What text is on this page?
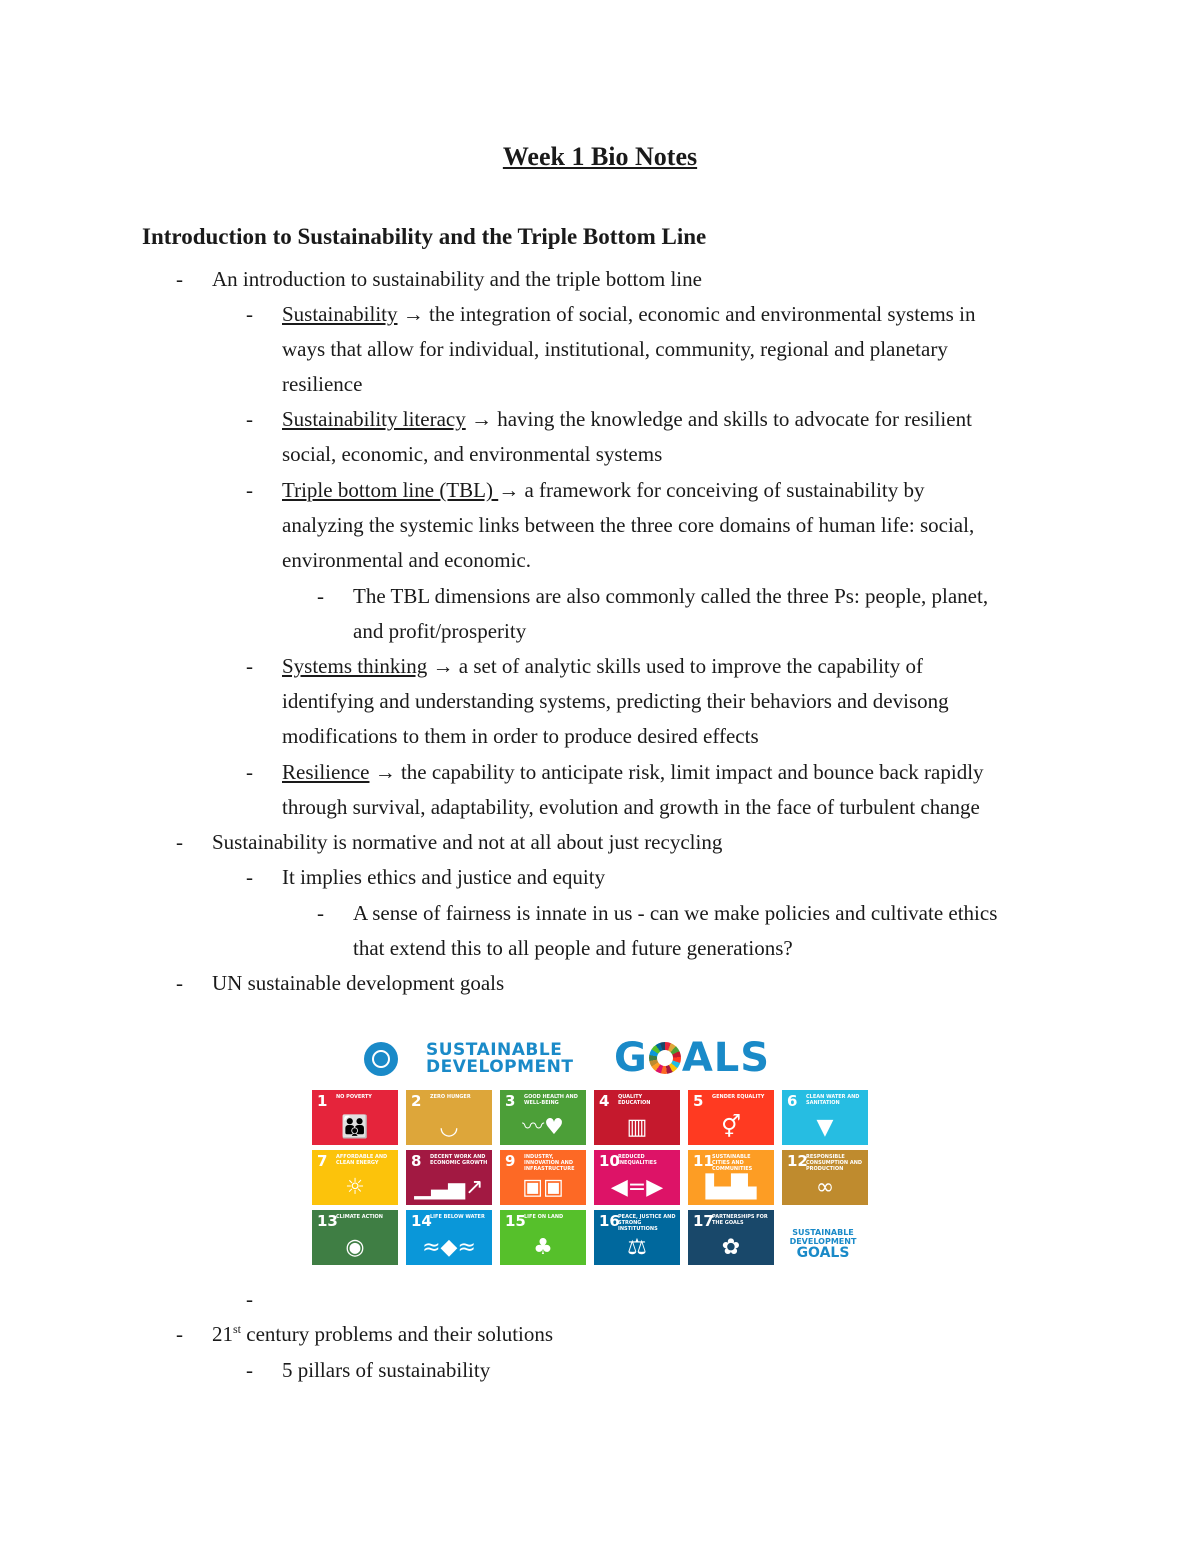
Week 1 Bio Notes
Introduction to Sustainability and the Triple Bottom Line
- An introduction to sustainability and the triple bottom line
- Sustainability → the integration of social, economic and environmental systems in
ways that allow for individual, institutional, community, regional and planetary
resilience
- Sustainability literacy → having the knowledge and skills to advocate for resilient
social, economic, and environmental systems
- Triple bottom line (TBL) → a framework for conceiving of sustainability by
analyzing the systemic links between the three core domains of human life: social,
environmental and economic.
- The TBL dimensions are also commonly called the three Ps: people, planet,
and profit/prosperity
- Systems thinking → a set of analytic skills used to improve the capability of
identifying and understanding systems, predicting their behaviors and devisong
modifications to them in order to produce desired effects
- Resilience → the capability to anticipate risk, limit impact and bounce back rapidly
through survival, adaptability, evolution and growth in the face of turbulent change
- Sustainability is normative and not at all about just recycling
- It implies ethics and justice and equity
- A sense of fairness is innate in us - can we make policies and cultivate ethics
that extend this to all people and future generations?
- UN sustainable development goals
SUSTAINABLE
DEVELOPMENT	G ALS
1 NO POVERTY
👪
2 ZERO HUNGER
◡
3 GOOD HEALTH AND WELL-BEING
〰♥
4 QUALITY EDUCATION
▥
5 GENDER EQUALITY
⚥
6 CLEAN WATER AND SANITATION
▼
7 AFFORDABLE AND CLEAN ENERGY
☼
8 DECENT WORK AND ECONOMIC GROWTH
▁▃▅↗
9 INDUSTRY, INNOVATION AND INFRASTRUCTURE
▣▣
10
REDUCED INEQUALITIES
◀=▶
11
SUSTAINABLE CITIES AND COMMUNITIES
▙▟▙
12
RESPONSIBLE CONSUMPTION AND PRODUCTION
∞
13
CLIMATE ACTION
◉
14
LIFE BELOW WATER
≈◆≈
15
LIFE ON LAND
♣
16
PEACE, JUSTICE AND STRONG INSTITUTIONS
⚖
17
PARTNERSHIPS FOR THE GOALS
✿
SUSTAINABLE
DEVELOPMENT
GOALS
-
- 21st century problems and their solutions
- 5 pillars of sustainability
